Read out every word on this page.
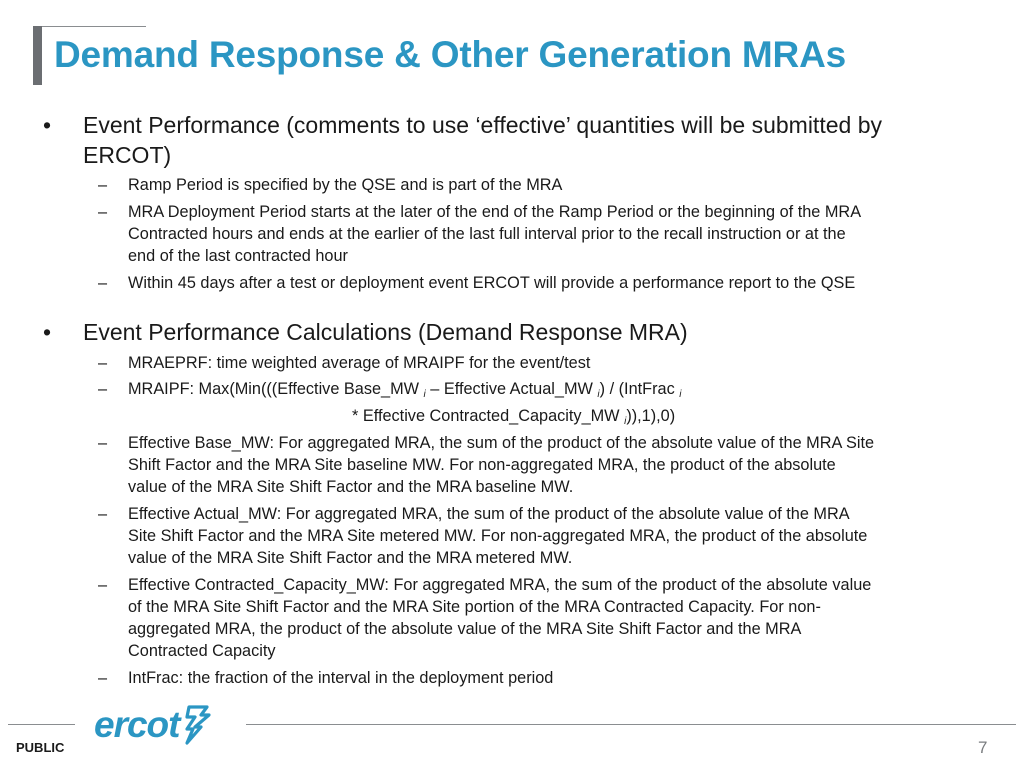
Demand Response & Other Generation MRAs
• Event Performance (comments to use ‘effective’ quantities will be submitted by
ERCOT)
– Ramp Period is specified by the QSE and is part of the MRA
– MRA Deployment Period starts at the later of the end of the Ramp Period or the beginning of the MRA
Contracted hours and ends at the earlier of the last full interval prior to the recall instruction or at the
end of the last contracted hour
– Within 45 days after a test or deployment event ERCOT will provide a performance report to the QSE
• Event Performance Calculations (Demand Response MRA)
– MRAEPRF: time weighted average of MRAIPF for the event/test
– MRAIPF: Max(Min(((Effective Base_MW $_i$ – Effective Actual_MW $_i$) / (IntFrac $_i$
* Effective Contracted_Capacity_MW $_i$)),1),0)
– Effective Base_MW: For aggregated MRA, the sum of the product of the absolute value of the MRA Site
Shift Factor and the MRA Site baseline MW. For non-aggregated MRA, the product of the absolute
value of the MRA Site Shift Factor and the MRA baseline MW.
– Effective Actual_MW: For aggregated MRA, the sum of the product of the absolute value of the MRA
Site Shift Factor and the MRA Site metered MW. For non-aggregated MRA, the product of the absolute
value of the MRA Site Shift Factor and the MRA metered MW.
– Effective Contracted_Capacity_MW: For aggregated MRA, the sum of the product of the absolute value
of the MRA Site Shift Factor and the MRA Site portion of the MRA Contracted Capacity. For non-
aggregated MRA, the product of the absolute value of the MRA Site Shift Factor and the MRA
Contracted Capacity
– IntFrac: the fraction of the interval in the deployment period
ercot
PUBLIC	7
